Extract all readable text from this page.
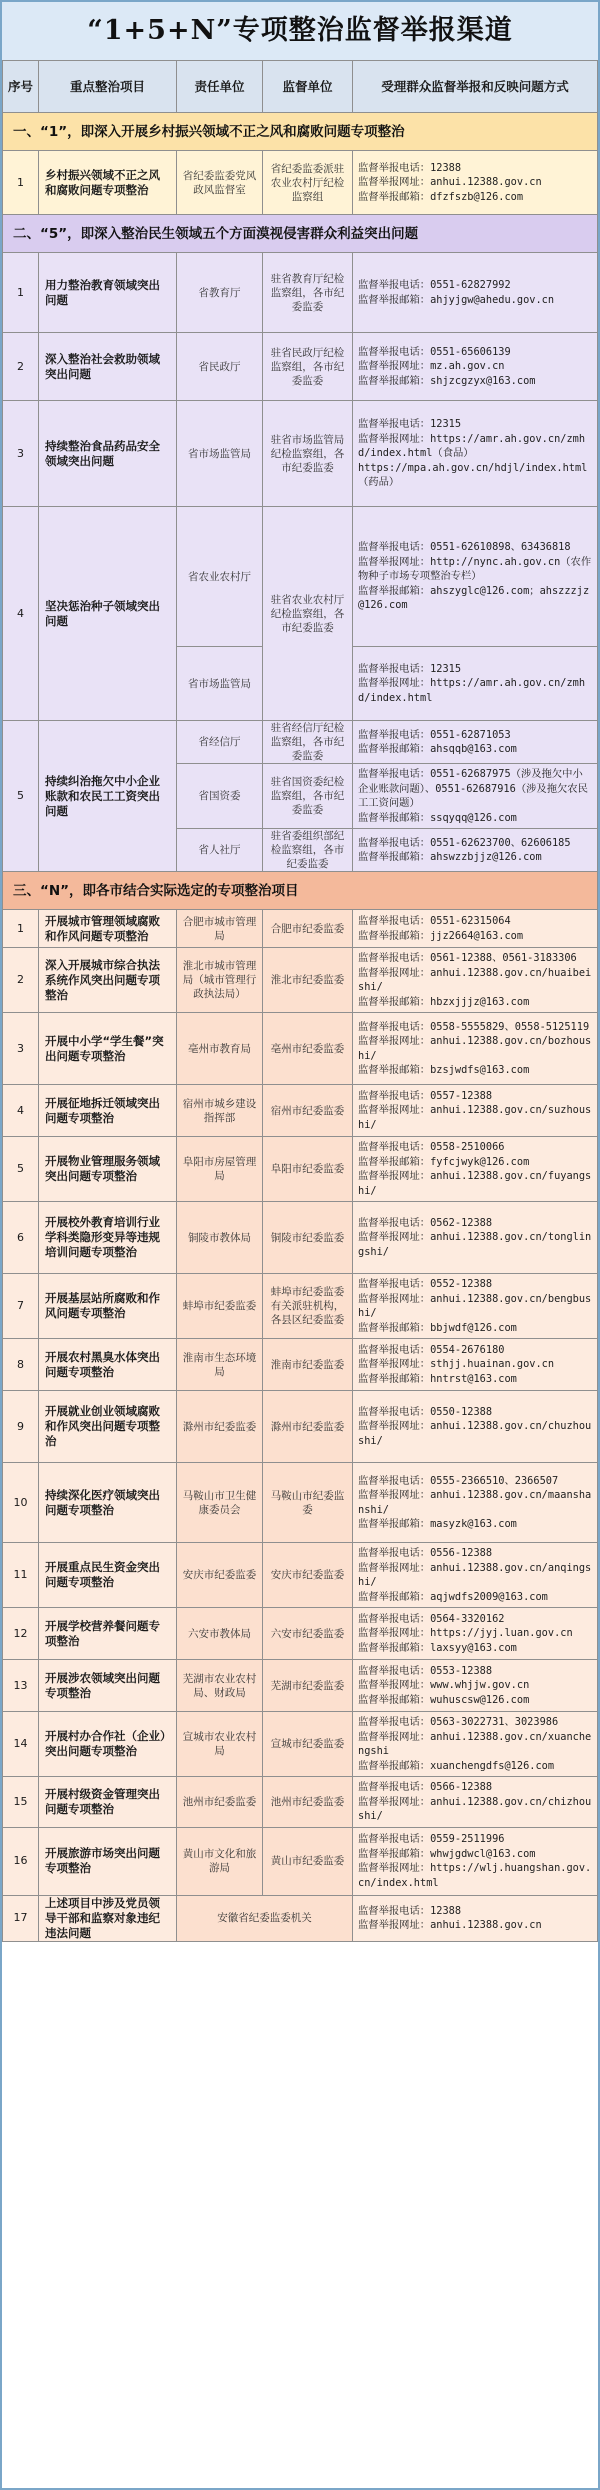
“1+5+N”专项整治监督举报渠道
序号	重点整治项目	责任单位	监督单位	受理群众监督举报和反映问题方式
一、“1”，即深入开展乡村振兴领域不正之风和腐败问题专项整治				
1	乡村振兴领域不正之风和腐败问题专项整治	省纪委监委党风政风监督室	省纪委监委派驻农业农村厅纪检监察组	监督举报电话：12388
监督举报网址：anhui.12388.gov.cn
监督举报邮箱：dfzfszb@126.com
二、“5”，即深入整治民生领域五个方面漠视侵害群众利益突出问题				
1	用力整治教育领域突出问题	省教育厅	驻省教育厅纪检监察组，各市纪委监委	监督举报电话：0551-62827992
监督举报邮箱：ahjyjgw@ahedu.gov.cn
2	深入整治社会救助领域突出问题	省民政厅	驻省民政厅纪检监察组，各市纪委监委	监督举报电话：0551-65606139
监督举报网址：mz.ah.gov.cn
监督举报邮箱：shjzcgzyx@163.com
3	持续整治食品药品安全领域突出问题	省市场监管局	驻省市场监管局纪检监察组，各市纪委监委	监督举报电话：12315
监督举报网址：https://amr.ah.gov.cn/zmhd/index.html（食品）
https://mpa.ah.gov.cn/hdjl/index.html（药品）
4	坚决惩治种子领域突出问题	省农业农村厅	驻省农业农村厅纪检监察组，各市纪委监委	监督举报电话：0551-62610898、63436818
监督举报网址：http://nync.ah.gov.cn（农作物种子市场专项整治专栏）
监督举报邮箱：ahszyglc@126.com；ahszzzjz@126.com
		省市场监管局		监督举报电话：12315
监督举报网址：https://amr.ah.gov.cn/zmhd/index.html
5	持续纠治拖欠中小企业账款和农民工工资突出问题	省经信厅	驻省经信厅纪检监察组，各市纪委监委	监督举报电话：0551-62871053
监督举报邮箱：ahsqqb@163.com
		省国资委	驻省国资委纪检监察组，各市纪委监委	监督举报电话：0551-62687975（涉及拖欠中小企业账款问题）、0551-62687916（涉及拖欠农民工工资问题）
监督举报邮箱：ssqyqq@126.com
		省人社厅	驻省委组织部纪检监察组，各市纪委监委	监督举报电话：0551-62623700、62606185
监督举报邮箱：ahswzzbjjz@126.com
三、“N”，即各市结合实际选定的专项整治项目				
1	开展城市管理领域腐败和作风问题专项整治	合肥市城市管理局	合肥市纪委监委	监督举报电话：0551-62315064
监督举报邮箱：jjz2664@163.com
2	深入开展城市综合执法系统作风突出问题专项整治	淮北市城市管理局（城市管理行政执法局）	淮北市纪委监委	监督举报电话：0561-12388、0561-3183306
监督举报网址：anhui.12388.gov.cn/huaibeishi/
监督举报邮箱：hbzxjjjz@163.com
3	开展中小学“学生餐”突出问题专项整治	亳州市教育局	亳州市纪委监委	监督举报电话：0558-5555829、0558-5125119
监督举报网址：anhui.12388.gov.cn/bozhoushi/
监督举报邮箱：bzsjwdfs@163.com
4	开展征地拆迁领域突出问题专项整治	宿州市城乡建设指挥部	宿州市纪委监委	监督举报电话：0557-12388
监督举报网址：anhui.12388.gov.cn/suzhoushi/
5	开展物业管理服务领域突出问题专项整治	阜阳市房屋管理局	阜阳市纪委监委	监督举报电话：0558-2510066
监督举报邮箱：fyfcjwyk@126.com
监督举报网址：anhui.12388.gov.cn/fuyangshi/
6	开展校外教育培训行业学科类隐形变异等违规培训问题专项整治	铜陵市教体局	铜陵市纪委监委	监督举报电话：0562-12388
监督举报网址：anhui.12388.gov.cn/tonglingshi/
7	开展基层站所腐败和作风问题专项整治	蚌埠市纪委监委	蚌埠市纪委监委有关派驻机构，各县区纪委监委	监督举报电话：0552-12388
监督举报网址：anhui.12388.gov.cn/bengbushi/
监督举报邮箱：bbjwdf@126.com
8	开展农村黑臭水体突出问题专项整治	淮南市生态环境局	淮南市纪委监委	监督举报电话：0554-2676180
监督举报网址：sthjj.huainan.gov.cn
监督举报邮箱：hntrst@163.com
9	开展就业创业领域腐败和作风突出问题专项整治	滁州市纪委监委	滁州市纪委监委	监督举报电话：0550-12388
监督举报网址：anhui.12388.gov.cn/chuzhoushi/
10	持续深化医疗领域突出问题专项整治	马鞍山市卫生健康委员会	马鞍山市纪委监委	监督举报电话：0555-2366510、2366507
监督举报网址：anhui.12388.gov.cn/maanshanshi/
监督举报邮箱：masyzk@163.com
11	开展重点民生资金突出问题专项整治	安庆市纪委监委	安庆市纪委监委	监督举报电话：0556-12388
监督举报网址：anhui.12388.gov.cn/anqingshi/
监督举报邮箱：aqjwdfs2009@163.com
12	开展学校营养餐问题专项整治	六安市教体局	六安市纪委监委	监督举报电话：0564-3320162
监督举报网址：https://jyj.luan.gov.cn
监督举报邮箱：laxsyy@163.com
13	开展涉农领域突出问题专项整治	芜湖市农业农村局、财政局	芜湖市纪委监委	监督举报电话：0553-12388
监督举报网址：www.whjjw.gov.cn
监督举报邮箱：wuhuscsw@126.com
14	开展村办合作社（企业）突出问题专项整治	宣城市农业农村局	宣城市纪委监委	监督举报电话：0563-3022731、3023986
监督举报网址：anhui.12388.gov.cn/xuanchengshi
监督举报邮箱：xuanchengdfs@126.com
15	开展村级资金管理突出问题专项整治	池州市纪委监委	池州市纪委监委	监督举报电话：0566-12388
监督举报网址：anhui.12388.gov.cn/chizhoushi/
16	开展旅游市场突出问题专项整治	黄山市文化和旅游局	黄山市纪委监委	监督举报电话：0559-2511996
监督举报邮箱：whwjgdwcl@163.com
监督举报网址：https://wlj.huangshan.gov.cn/index.html
17	上述项目中涉及党员领导干部和监察对象违纪违法问题	安徽省纪委监委机关		监督举报电话：12388
监督举报网址：anhui.12388.gov.cn
